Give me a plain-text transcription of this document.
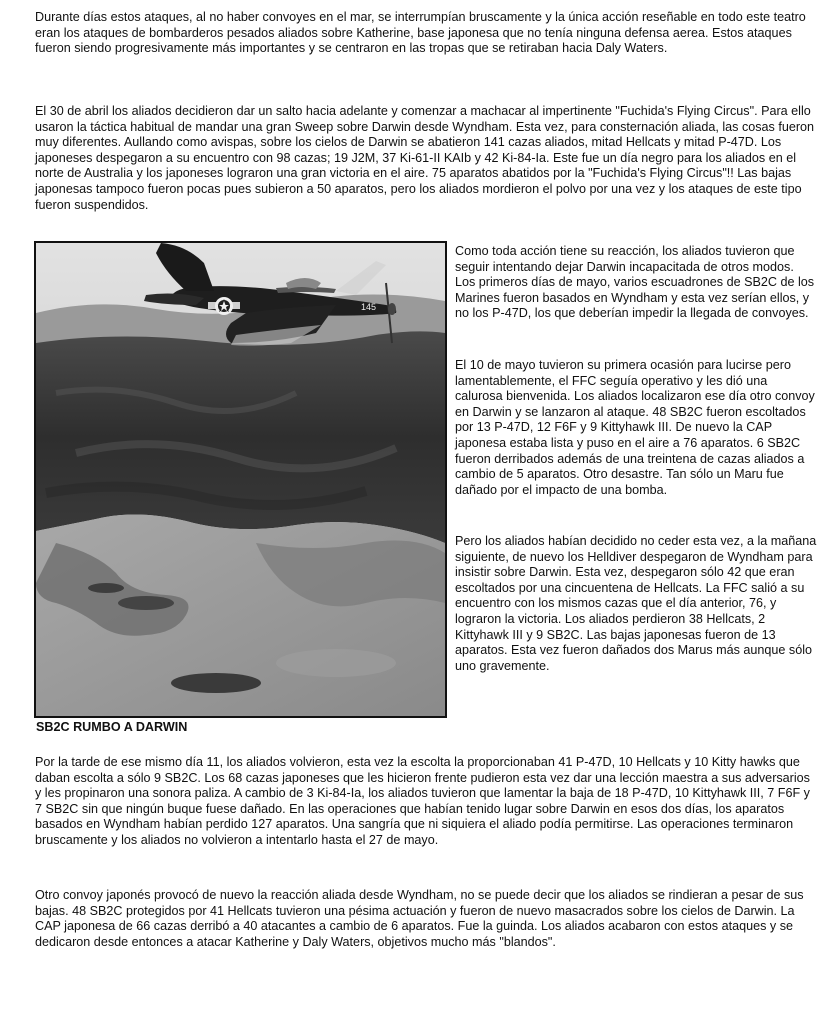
Durante días estos ataques, al no haber convoyes en el mar, se interrumpían bruscamente y la única acción reseñable en todo este teatro eran los ataques de bombarderos pesados aliados sobre Katherine, base japonesa que no tenía ninguna defensa aerea. Estos ataques fueron siendo progresivamente más importantes y se centraron en las tropas que se retiraban hacia Daly Waters.

El 30 de abril los aliados decidieron dar un salto hacia adelante y comenzar a machacar al impertinente "Fuchida's Flying Circus". Para ello usaron la táctica habitual de mandar una gran Sweep sobre Darwin desde Wyndham. Esta vez, para consternación aliada, las cosas fueron muy diferentes. Aullando como avispas, sobre los cielos de Darwin se abatieron 141 cazas aliados, mitad Hellcats y mitad P-47D. Los japoneses despegaron a su encuentro con 98 cazas; 19 J2M, 37 Ki-61-II KAIb y 42 Ki-84-Ia. Este fue un día negro para los aliados en el norte de Australia y los japoneses lograron una gran victoria en el aire. 75 aparatos abatidos por la "Fuchida's Flying Circus"!! Las bajas japonesas tampoco fueron pocas pues subieron a 50 aparatos, pero los aliados mordieron el polvo por una vez y los ataques de este tipo fueron suspendidos.

145
SB2C RUMBO A DARWIN

Como toda acción tiene su reacción, los aliados tuvieron que seguir intentando dejar Darwin incapacitada de otros modos. Los primeros días de mayo, varios escuadrones de SB2C de los Marines fueron basados en Wyndham y esta vez serían ellos, y no los P-47D, los que deberían impedir la llegada de convoyes.

El 10 de mayo tuvieron su primera ocasión para lucirse pero lamentablemente, el FFC seguía operativo y les dió una calurosa bienvenida. Los aliados localizaron ese día otro convoy en Darwin y se lanzaron al ataque. 48 SB2C fueron escoltados por 13 P-47D, 12 F6F y 9 Kittyhawk III. De nuevo la CAP japonesa estaba lista y puso en el aire a 76 aparatos. 6 SB2C fueron derribados además de una treintena de cazas aliados a cambio de 5 aparatos. Otro desastre. Tan sólo un Maru fue dañado por el impacto de una bomba.

Pero los aliados habían decidido no ceder esta vez, a la mañana siguiente, de nuevo los Helldiver despegaron de Wyndham para insistir sobre Darwin. Esta vez, despegaron sólo 42 que eran escoltados por una cincuentena de Hellcats. La FFC salió a su encuentro con los mismos cazas que el día anterior, 76, y lograron la victoria. Los aliados perdieron 38 Hellcats, 2 Kittyhawk III y 9 SB2C. Las bajas japonesas fueron de 13 aparatos. Esta vez fueron dañados dos Marus más aunque sólo uno gravemente.

Por la tarde de ese mismo día 11, los aliados volvieron, esta vez la escolta la proporcionaban 41 P-47D, 10 Hellcats y 10 Kitty hawks que daban escolta a sólo 9 SB2C. Los 68 cazas japoneses que les hicieron frente pudieron esta vez dar una lección maestra a sus adversarios y les propinaron una sonora paliza. A cambio de 3 Ki-84-Ia, los aliados tuvieron que lamentar la baja de 18 P-47D, 10 Kittyhawk III, 7 F6F y 7 SB2C sin que ningún buque fuese dañado. En las operaciones que habían tenido lugar sobre Darwin en esos dos días, los aparatos basados en Wyndham habían perdido 127 aparatos. Una sangría que ni siquiera el aliado podía permitirse. Las operaciones terminaron bruscamente y los aliados no volvieron a intentarlo hasta el 27 de mayo.

Otro convoy japonés provocó de nuevo la reacción aliada desde Wyndham, no se puede decir que los aliados se rindieran a pesar de sus bajas. 48 SB2C protegidos por 41 Hellcats tuvieron una pésima actuación y fueron de nuevo masacrados sobre los cielos de Darwin. La CAP japonesa de 66 cazas derribó a 40 atacantes a cambio de 6 aparatos. Fue la guinda. Los aliados acabaron con estos ataques y se dedicaron desde entonces a atacar Katherine y Daly Waters, objetivos mucho más "blandos".
